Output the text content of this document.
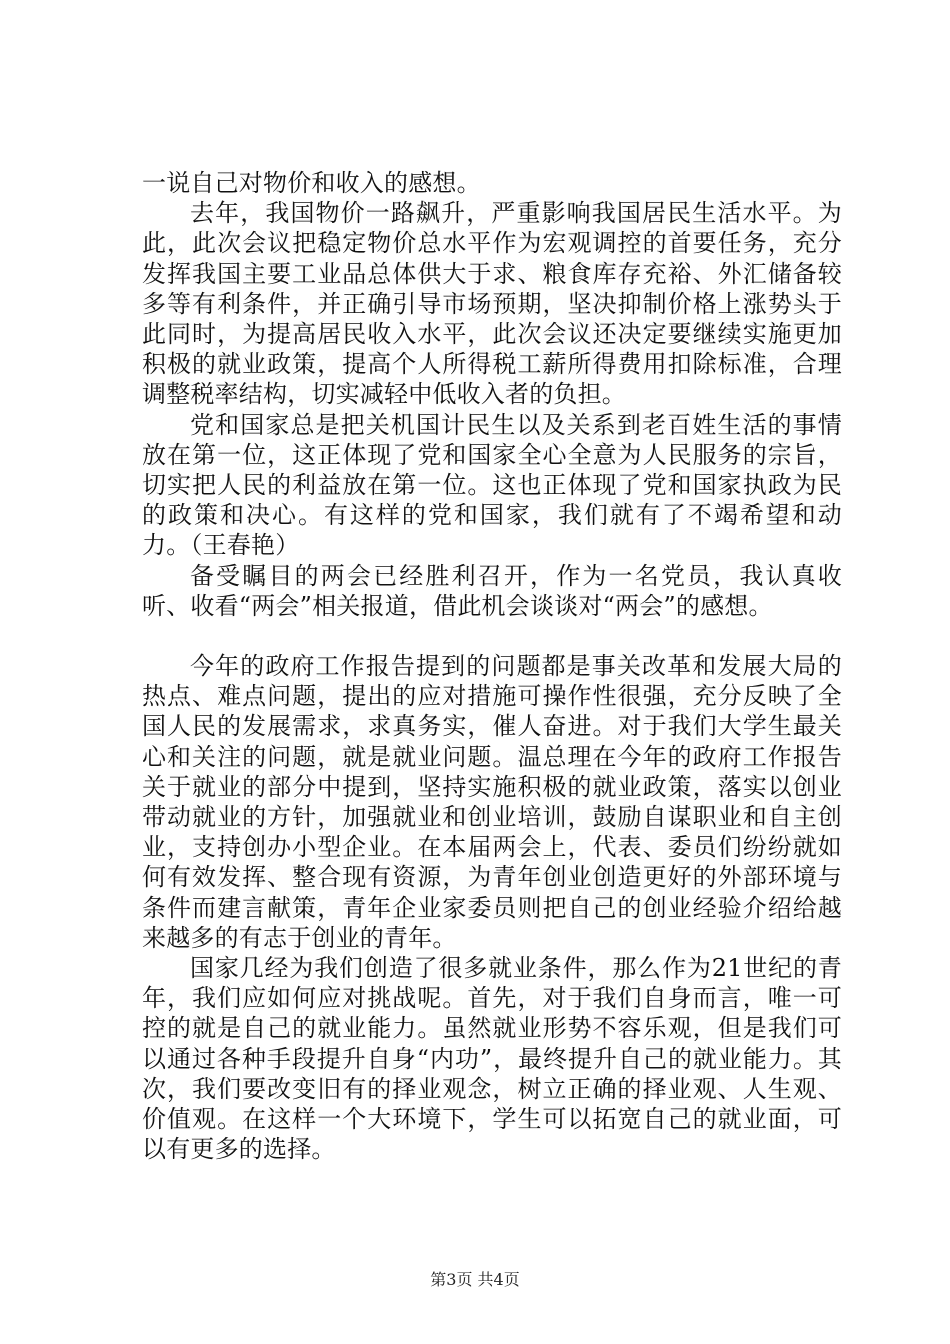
一说自己对物价和收入的感想。

去年，我国物价一路飙升，严重影响我国居民生活水平。为此，此次会议把稳定物价总水平作为宏观调控的首要任务，充分发挥我国主要工业品总体供大于求、粮食库存充裕、外汇储备较多等有利条件，并正确引导市场预期，坚决抑制价格上涨势头于此同时，为提高居民收入水平，此次会议还决定要继续实施更加积极的就业政策，提高个人所得税工薪所得费用扣除标准，合理调整税率结构，切实减轻中低收入者的负担。

党和国家总是把关机国计民生以及关系到老百姓生活的事情放在第一位，这正体现了党和国家全心全意为人民服务的宗旨，切实把人民的利益放在第一位。这也正体现了党和国家执政为民的政策和决心。有这样的党和国家，我们就有了不竭希望和动力。（王春艳）

备受瞩目的两会已经胜利召开，作为一名党员，我认真收听、收看“两会”相关报道，借此机会谈谈对“两会”的感想。

今年的政府工作报告提到的问题都是事关改革和发展大局的热点、难点问题，提出的应对措施可操作性很强，充分反映了全国人民的发展需求，求真务实，催人奋进。对于我们大学生最关心和关注的问题，就是就业问题。温总理在今年的政府工作报告关于就业的部分中提到，坚持实施积极的就业政策，落实以创业带动就业的方针，加强就业和创业培训，鼓励自谋职业和自主创业，支持创办小型企业。在本届两会上，代表、委员们纷纷就如何有效发挥、整合现有资源，为青年创业创造更好的外部环境与条件而建言献策，青年企业家委员则把自己的创业经验介绍给越来越多的有志于创业的青年。

国家几经为我们创造了很多就业条件，那么作为21世纪的青年，我们应如何应对挑战呢。首先，对于我们自身而言，唯一可控的就是自己的就业能力。虽然就业形势不容乐观，但是我们可以通过各种手段提升自身“内功”，最终提升自己的就业能力。其次，我们要改变旧有的择业观念，树立正确的择业观、人生观、价值观。在这样一个大环境下，学生可以拓宽自己的就业面，可以有更多的选择。

第3页 共4页
